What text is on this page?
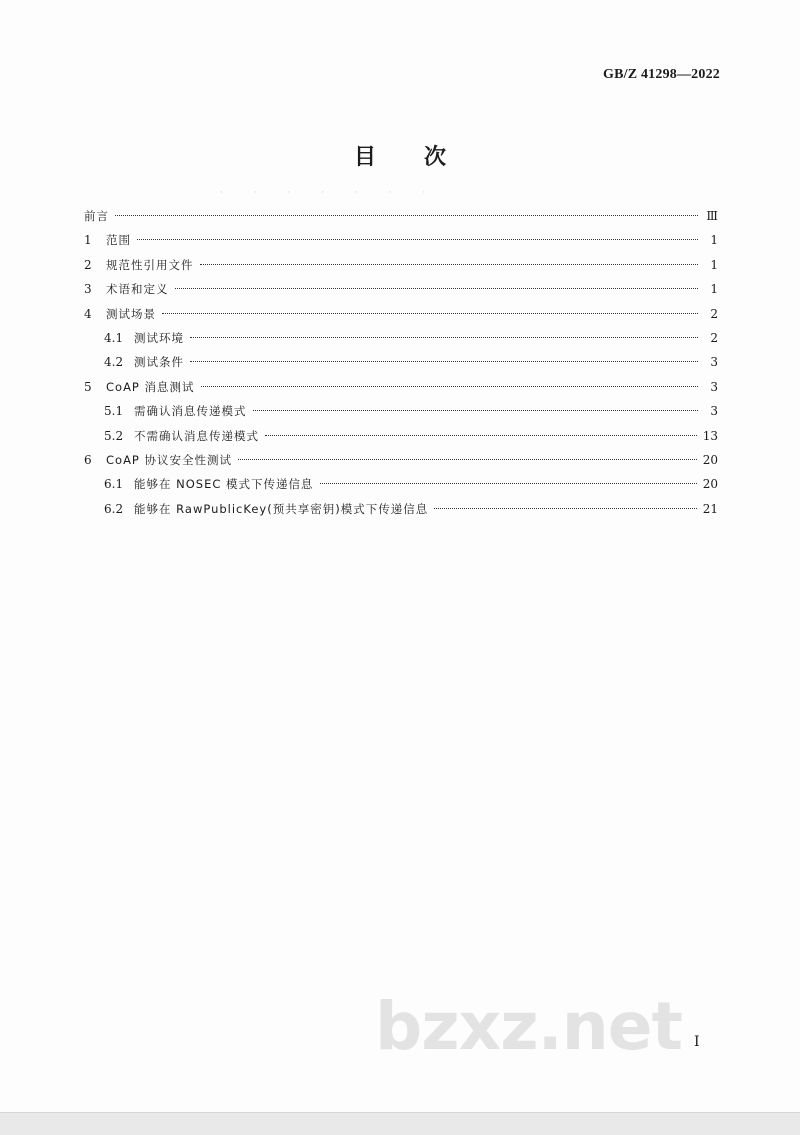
GB/Z 41298—2022
目 次
· · · · · · ·
前言	Ⅲ
1	范围	1
2	规范性引用文件	1
3	术语和定义	1
4	测试场景	2
4.1 测试环境	2
4.2 测试条件	3
5	CoAP 消息测试	3
5.1 需确认消息传递模式	3
5.2 不需确认消息传递模式	13
6	CoAP 协议安全性测试	20
6.1 能够在 NOSEC 模式下传递信息	20
6.2 能够在 RawPublicKey(预共享密钥)模式下传递信息	21
bzxz.net I
